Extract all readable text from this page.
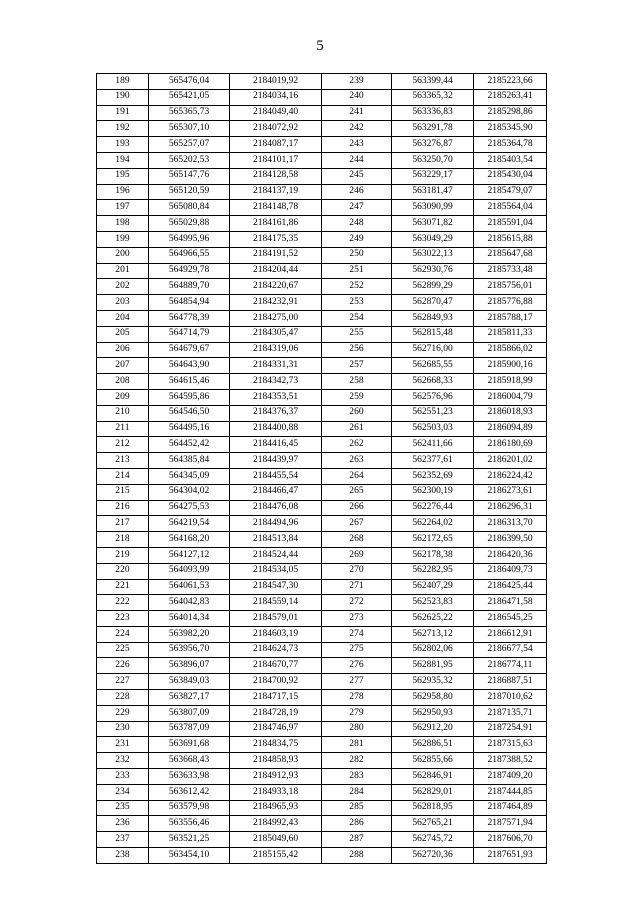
5
189	565476,04	2184019,92	239	563399,44	2185223,66
190	565421,05	2184034,16	240	563365,32	2185263,41
191	565365,73	2184049,40	241	563336,83	2185298,86
192	565307,10	2184072,92	242	563291,78	2185345,90
193	565257,07	2184087,17	243	563276,87	2185364,78
194	565202,53	2184101,17	244	563250,70	2185403,54
195	565147,76	2184128,58	245	563229,17	2185430,04
196	565120,59	2184137,19	246	563181,47	2185479,07
197	565080,84	2184148,78	247	563090,99	2185564,04
198	565029,88	2184161,86	248	563071,82	2185591,04
199	564995,96	2184175,35	249	563049,29	2185615,88
200	564966,55	2184191,52	250	563022,13	2185647,68
201	564929,78	2184204,44	251	562930,76	2185733,48
202	564889,70	2184220,67	252	562899,29	2185756,01
203	564854,94	2184232,91	253	562870,47	2185776,88
204	564778,39	2184275,00	254	562849,93	2185788,17
205	564714,79	2184305,47	255	562815,48	2185811,33
206	564679,67	2184319,06	256	562716,00	2185866,02
207	564643,90	2184331,31	257	562685,55	2185900,16
208	564615,46	2184342,73	258	562668,33	2185918,99
209	564595,86	2184353,51	259	562576,96	2186004,79
210	564546,50	2184376,37	260	562551,23	2186018,93
211	564495,16	2184400,88	261	562503,03	2186094,89
212	564452,42	2184416,45	262	562411,66	2186180,69
213	564385,84	2184439,97	263	562377,61	2186201,02
214	564345,09	2184455,54	264	562352,69	2186224,42
215	564304,02	2184466,47	265	562300,19	2186273,61
216	564275,53	2184476,08	266	562276,44	2186296,31
217	564219,54	2184494,96	267	562264,02	2186313,70
218	564168,20	2184513,84	268	562172,65	2186399,50
219	564127,12	2184524,44	269	562178,38	2186420,36
220	564093,99	2184534,05	270	562282,95	2186409,73
221	564061,53	2184547,30	271	562407,29	2186425,44
222	564042,83	2184559,14	272	562523,83	2186471,58
223	564014,34	2184579,01	273	562625,22	2186545,25
224	563982,20	2184603,19	274	562713,12	2186612,91
225	563956,70	2184624,73	275	562802,06	2186677,54
226	563896,07	2184670,77	276	562881,95	2186774,11
227	563849,03	2184700,92	277	562935,32	2186887,51
228	563827,17	2184717,15	278	562958,80	2187010,62
229	563807,09	2184728,19	279	562950,93	2187135,71
230	563787,09	2184746,97	280	562912,20	2187254,91
231	563691,68	2184834,75	281	562886,51	2187315,63
232	563668,43	2184858,93	282	562855,66	2187388,52
233	563633,98	2184912,93	283	562846,91	2187409,20
234	563612,42	2184933,18	284	562829,01	2187444,85
235	563579,98	2184965,93	285	562818,95	2187464,89
236	563556,46	2184992,43	286	562765,21	2187571,94
237	563521,25	2185049,60	287	562745,72	2187606,70
238	563454,10	2185155,42	288	562720,36	2187651,93
